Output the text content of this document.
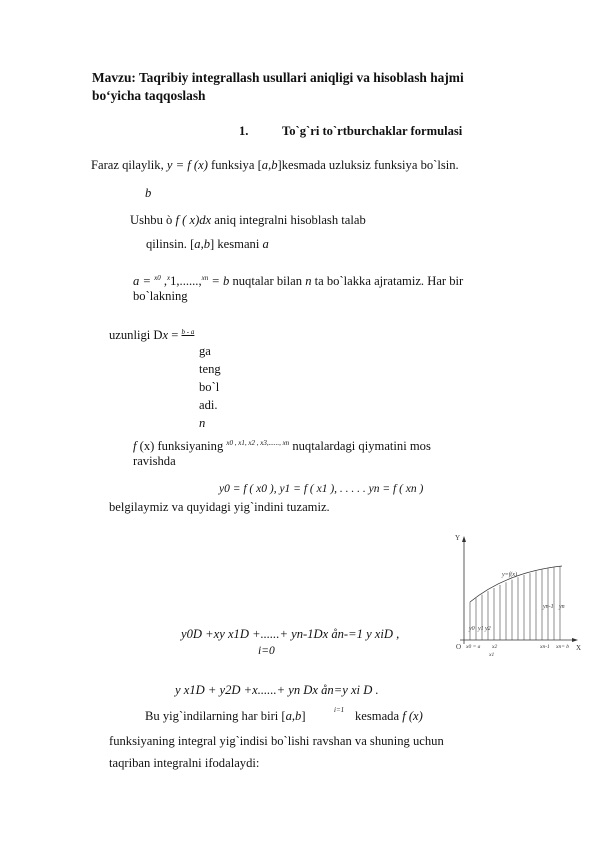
Mavzu: Taqribiy integrallash usullari aniqligi va hisoblash hajmi
bo‘yicha taqqoslash
1.	To`g`ri to`rtburchaklar formulasi
Faraz qilaylik, y = f (x) funksiya [a,b]kesmada uzluksiz funksiya bo`lsin.
b
Ushbu ò f ( x)dx aniq integralni hisoblash talab
qilinsin. [a,b] kesmani a
a = $^{x0}$ ,$^x$1,......,$^{xn}$ = b nuqtalar bilan n ta bo`lakka ajratamiz. Har bir
bo`lakning
uzunligi Dx = $^{b - a}$
ga
teng
bo`l
adi.
n
f (x) funksiyaning $^{x0 , x1, x2 , x3,......, xn}$ nuqtalardagi qiymatini mos
ravishda
y0 = f ( x0 ), y1 = f ( x1 ), . . . . . yn = f ( xn )
belgilaymiz va quyidagi yig`indini tuzamiz.
y0D +xy x1D +......+ yn-1Dx ån-=1 y xiD ,
i=0
y x1D + y2D +x......+ yn Dx ån=y xi D .
Bu yig`indilarning har biri [a,b]	i=1 kesmada f (x)
funksiyaning integral yig`indisi bo`lishi ravshan va shuning uchun
taqriban integralni ifodalaydi:
Y
X
O
y=f(x)
y0 y1 y2
yn-1 yn
x0 = a
x1
x2	xn-1 xn= b
